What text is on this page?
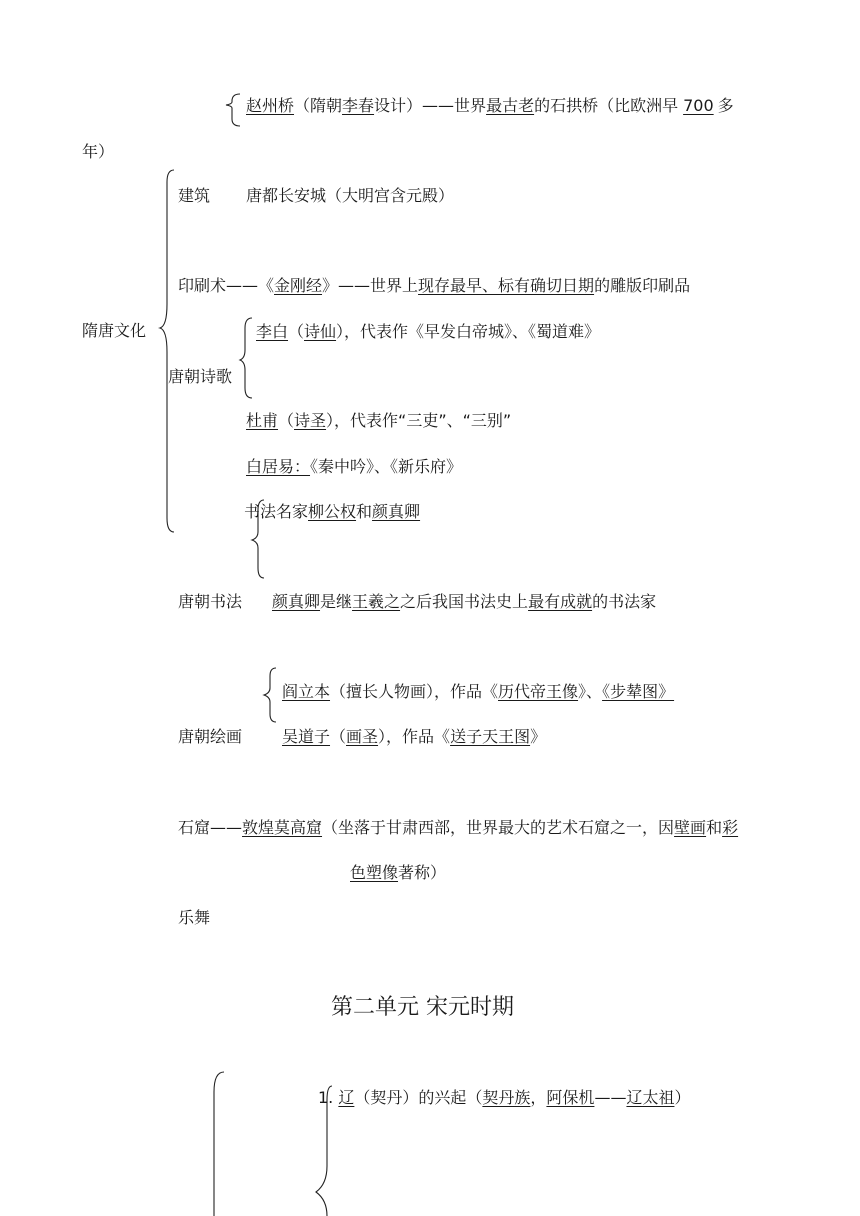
赵州桥（隋朝李春设计）——世界最古老的石拱桥（比欧洲早 700 多
年）
隋唐文化
建筑 唐都长安城（大明宫含元殿）
印刷术——《金刚经》——世界上现存最早、标有确切日期的雕版印刷品
唐朝诗歌
李白（诗仙），代表作《早发白帝城》、《蜀道难》
杜甫（诗圣），代表作“三吏”、“三别”
白居易：《秦中吟》、《新乐府》
书法名家柳公权和颜真卿
唐朝书法 颜真卿是继王羲之之后我国书法史上最有成就的书法家
阎立本（擅长人物画），作品《历代帝王像》、《步辇图》
唐朝绘画 吴道子（画圣），作品《送子天王图》
石窟——敦煌莫高窟（坐落于甘肃西部，世界最大的艺术石窟之一，因壁画和彩
色塑像著称）
乐舞
第二单元 宋元时期
1. 辽（契丹）的兴起（契丹族，阿保机——辽太祖）
